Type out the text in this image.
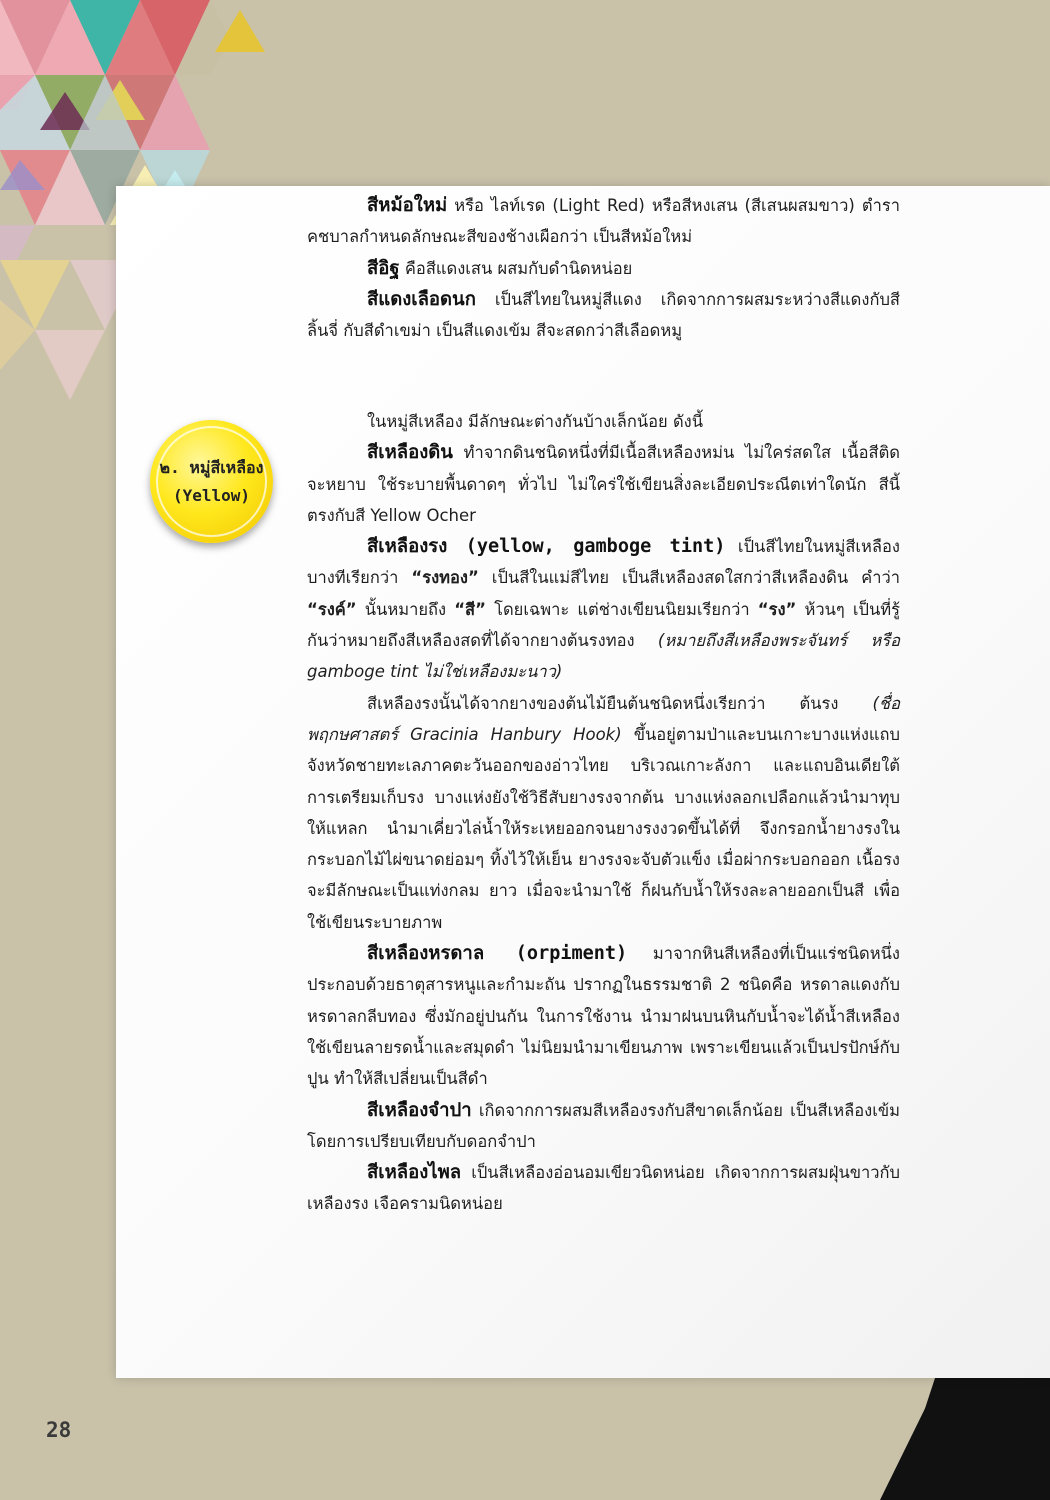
สีหม้อใหม่ หรือ ไลท์เรด (Light Red) หรือสีหงเสน (สีเสนผสมขาว) ตำราคชบาลกำหนดลักษณะสีของช้างเผือกว่า เป็นสีหม้อใหม่

สีอิฐ คือสีแดงเสน ผสมกับดำนิดหน่อย

สีแดงเลือดนก เป็นสีไทยในหมู่สีแดง เกิดจากการผสมระหว่างสีแดงกับสีลิ้นจี่ กับสีดำเขม่า เป็นสีแดงเข้ม สีจะสดกว่าสีเลือดหมู

๒. หมู่สีเหลือง
(Yellow)

ในหมู่สีเหลือง มีลักษณะต่างกันบ้างเล็กน้อย ดังนี้

สีเหลืองดิน ทำจากดินชนิดหนึ่งที่มีเนื้อสีเหลืองหม่น ไม่ใคร่สดใส เนื้อสีติดจะหยาบ ใช้ระบายพื้นดาดๆ ทั่วไป ไม่ใคร่ใช้เขียนสิ่งละเอียดประณีตเท่าใดนัก สีนี้ตรงกับสี Yellow Ocher

สีเหลืองรง (yellow, gamboge tint) เป็นสีไทยในหมู่สีเหลือง บางทีเรียกว่า “รงทอง” เป็นสีในแม่สีไทย เป็นสีเหลืองสดใสกว่าสีเหลืองดิน คำว่า “รงค์” นั้นหมายถึง “สี” โดยเฉพาะ แต่ช่างเขียนนิยมเรียกว่า “รง” ห้วนๆ เป็นที่รู้กันว่าหมายถึงสีเหลืองสดที่ได้จากยางต้นรงทอง (หมายถึงสีเหลืองพระจันทร์ หรือ gamboge tint ไม่ใช่เหลืองมะนาว)

สีเหลืองรงนั้นได้จากยางของต้นไม้ยืนต้นชนิดหนึ่งเรียกว่า ต้นรง (ชื่อพฤกษศาสตร์ Gracinia Hanbury Hook) ขึ้นอยู่ตามป่าและบนเกาะบางแห่งแถบจังหวัดชายทะเลภาคตะวันออกของอ่าวไทย บริเวณเกาะลังกา และแถบอินเดียใต้ การเตรียมเก็บรง บางแห่งยังใช้วิธีสับยางรงจากต้น บางแห่งลอกเปลือกแล้วนำมาทุบให้แหลก นำมาเคี่ยวไล่น้ำให้ระเหยออกจนยางรงงวดขึ้นได้ที่ จึงกรอกน้ำยางรงในกระบอกไม้ไผ่ขนาดย่อมๆ ทิ้งไว้ให้เย็น ยางรงจะจับตัวแข็ง เมื่อผ่ากระบอกออก เนื้อรงจะมีลักษณะเป็นแท่งกลม ยาว เมื่อจะนำมาใช้ ก็ฝนกับน้ำให้รงละลายออกเป็นสี เพื่อใช้เขียนระบายภาพ

สีเหลืองหรดาล (orpiment) มาจากหินสีเหลืองที่เป็นแร่ชนิดหนึ่ง ประกอบด้วยธาตุสารหนูและกำมะถัน ปรากฏในธรรมชาติ 2 ชนิดคือ หรดาลแดงกับหรดาลกลีบทอง ซึ่งมักอยู่ปนกัน ในการใช้งาน นำมาฝนบนหินกับน้ำจะได้น้ำสีเหลือง ใช้เขียนลายรดน้ำและสมุดดำ ไม่นิยมนำมาเขียนภาพ เพราะเขียนแล้วเป็นปรปักษ์กับปูน ทำให้สีเปลี่ยนเป็นสีดำ

สีเหลืองจำปา เกิดจากการผสมสีเหลืองรงกับสีขาดเล็กน้อย เป็นสีเหลืองเข้ม โดยการเปรียบเทียบกับดอกจำปา

สีเหลืองไพล เป็นสีเหลืองอ่อนอมเขียวนิดหน่อย เกิดจากการผสมฝุ่นขาวกับเหลืองรง เจือครามนิดหน่อย

28
